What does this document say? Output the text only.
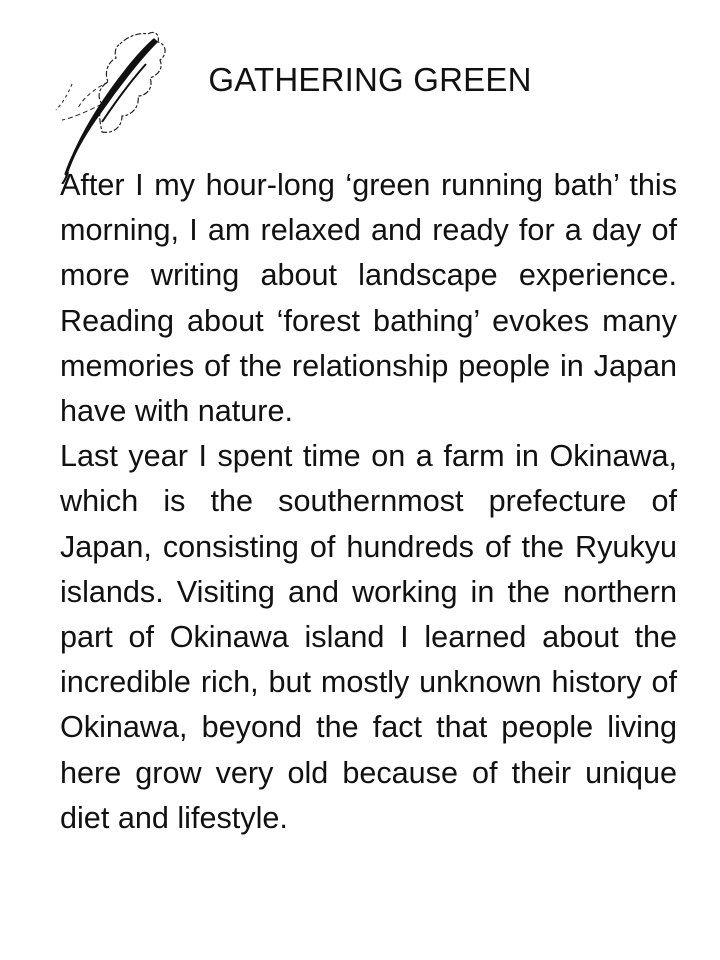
GATHERING GREEN

After I my hour-long ‘green running bath’ this morning, I am relaxed and ready for a day of more writing about landscape experience. Reading about ‘forest bathing’ evokes many memories of the relationship people in Japan have with nature.

Last year I spent time on a farm in Okinawa, which is the southernmost prefecture of Japan, consisting of hundreds of the Ryukyu islands. Visiting and working in the northern part of Okinawa island I learned about the incredible rich, but mostly unknown history of Okinawa, beyond the fact that people living here grow very old because of their unique diet and lifestyle.
